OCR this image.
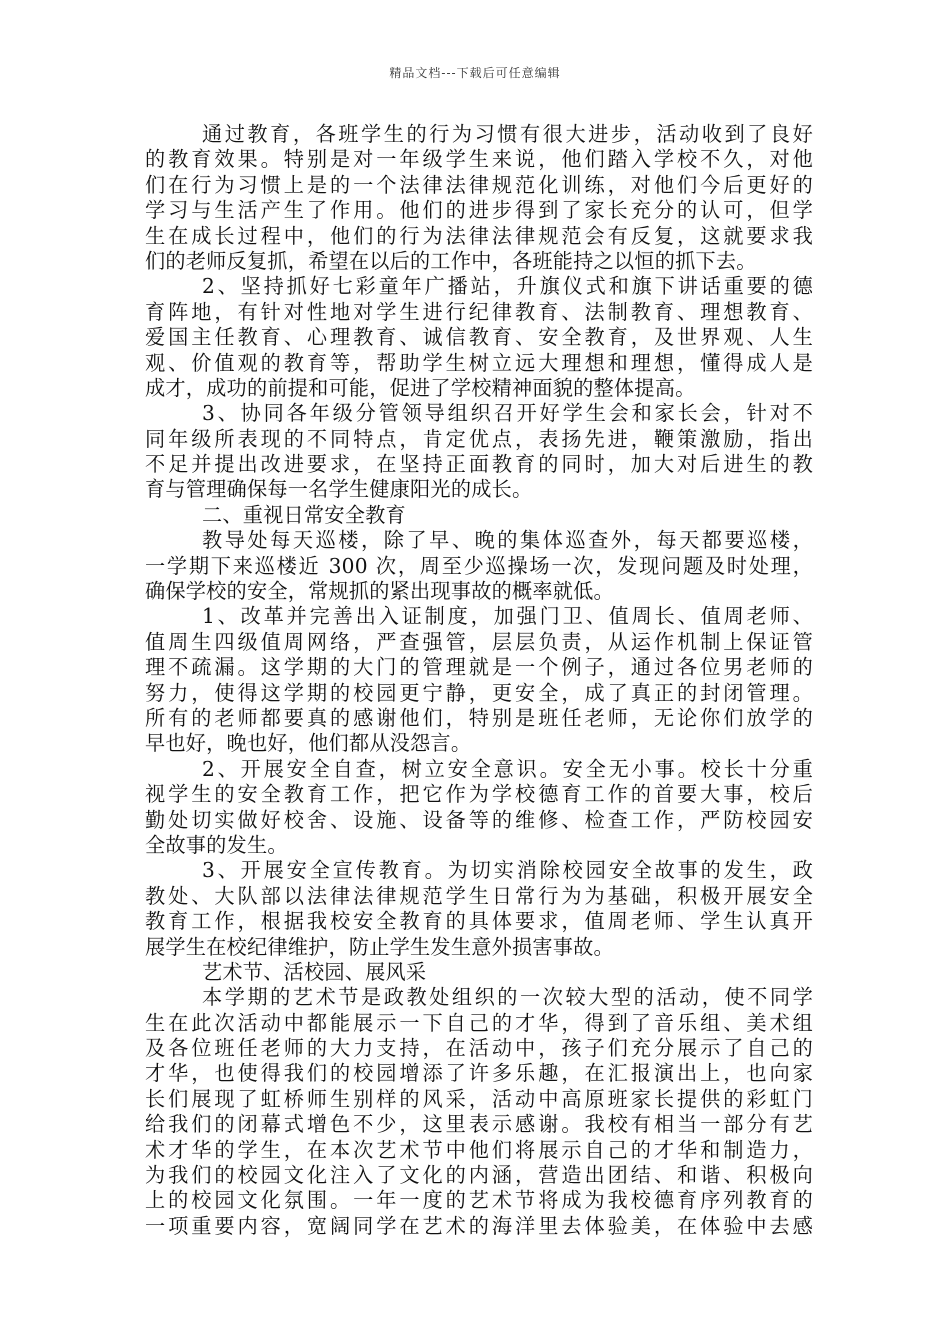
精品文档---下载后可任意编辑
通过教育，各班学生的行为习惯有很大进步，活动收到了良好
的教育效果。特别是对一年级学生来说，他们踏入学校不久，对他
们在行为习惯上是的一个法律法律规范化训练，对他们今后更好的
学习与生活产生了作用。他们的进步得到了家长充分的认可，但学
生在成长过程中，他们的行为法律法律规范会有反复，这就要求我
们的老师反复抓，希望在以后的工作中，各班能持之以恒的抓下去。
2、坚持抓好七彩童年广播站，升旗仪式和旗下讲话重要的德
育阵地，有针对性地对学生进行纪律教育、法制教育、理想教育、
爱国主任教育、心理教育、诚信教育、安全教育，及世界观、人生
观、价值观的教育等，帮助学生树立远大理想和理想，懂得成人是
成才，成功的前提和可能，促进了学校精神面貌的整体提高。
3、协同各年级分管领导组织召开好学生会和家长会，针对不
同年级所表现的不同特点，肯定优点，表扬先进，鞭策激励，指出
不足并提出改进要求，在坚持正面教育的同时，加大对后进生的教
育与管理确保每一名学生健康阳光的成长。
二、重视日常安全教育
教导处每天巡楼，除了早、晚的集体巡查外，每天都要巡楼，
一学期下来巡楼近 300 次，周至少巡操场一次，发现问题及时处理，
确保学校的安全，常规抓的紧出现事故的概率就低。
1、改革并完善出入证制度，加强门卫、值周长、值周老师、
值周生四级值周网络，严查强管，层层负责，从运作机制上保证管
理不疏漏。这学期的大门的管理就是一个例子，通过各位男老师的
努力，使得这学期的校园更宁静，更安全，成了真正的封闭管理。
所有的老师都要真的感谢他们，特别是班任老师，无论你们放学的
早也好，晚也好，他们都从没怨言。
2、开展安全自查，树立安全意识。安全无小事。校长十分重
视学生的安全教育工作，把它作为学校德育工作的首要大事，校后
勤处切实做好校舍、设施、设备等的维修、检查工作，严防校园安
全故事的发生。
3、开展安全宣传教育。为切实消除校园安全故事的发生，政
教处、大队部以法律法律规范学生日常行为为基础，积极开展安全
教育工作，根据我校安全教育的具体要求，值周老师、学生认真开
展学生在校纪律维护，防止学生发生意外损害事故。
艺术节、活校园、展风采
本学期的艺术节是政教处组织的一次较大型的活动，使不同学
生在此次活动中都能展示一下自己的才华，得到了音乐组、美术组
及各位班任老师的大力支持，在活动中，孩子们充分展示了自己的
才华，也使得我们的校园增添了许多乐趣，在汇报演出上，也向家
长们展现了虹桥师生别样的风采，活动中高原班家长提供的彩虹门
给我们的闭幕式增色不少，这里表示感谢。我校有相当一部分有艺
术才华的学生，在本次艺术节中他们将展示自己的才华和制造力，
为我们的校园文化注入了文化的内涵，营造出团结、和谐、积极向
上的校园文化氛围。一年一度的艺术节将成为我校德育序列教育的
一项重要内容，宽阔同学在艺术的海洋里去体验美，在体验中去感
